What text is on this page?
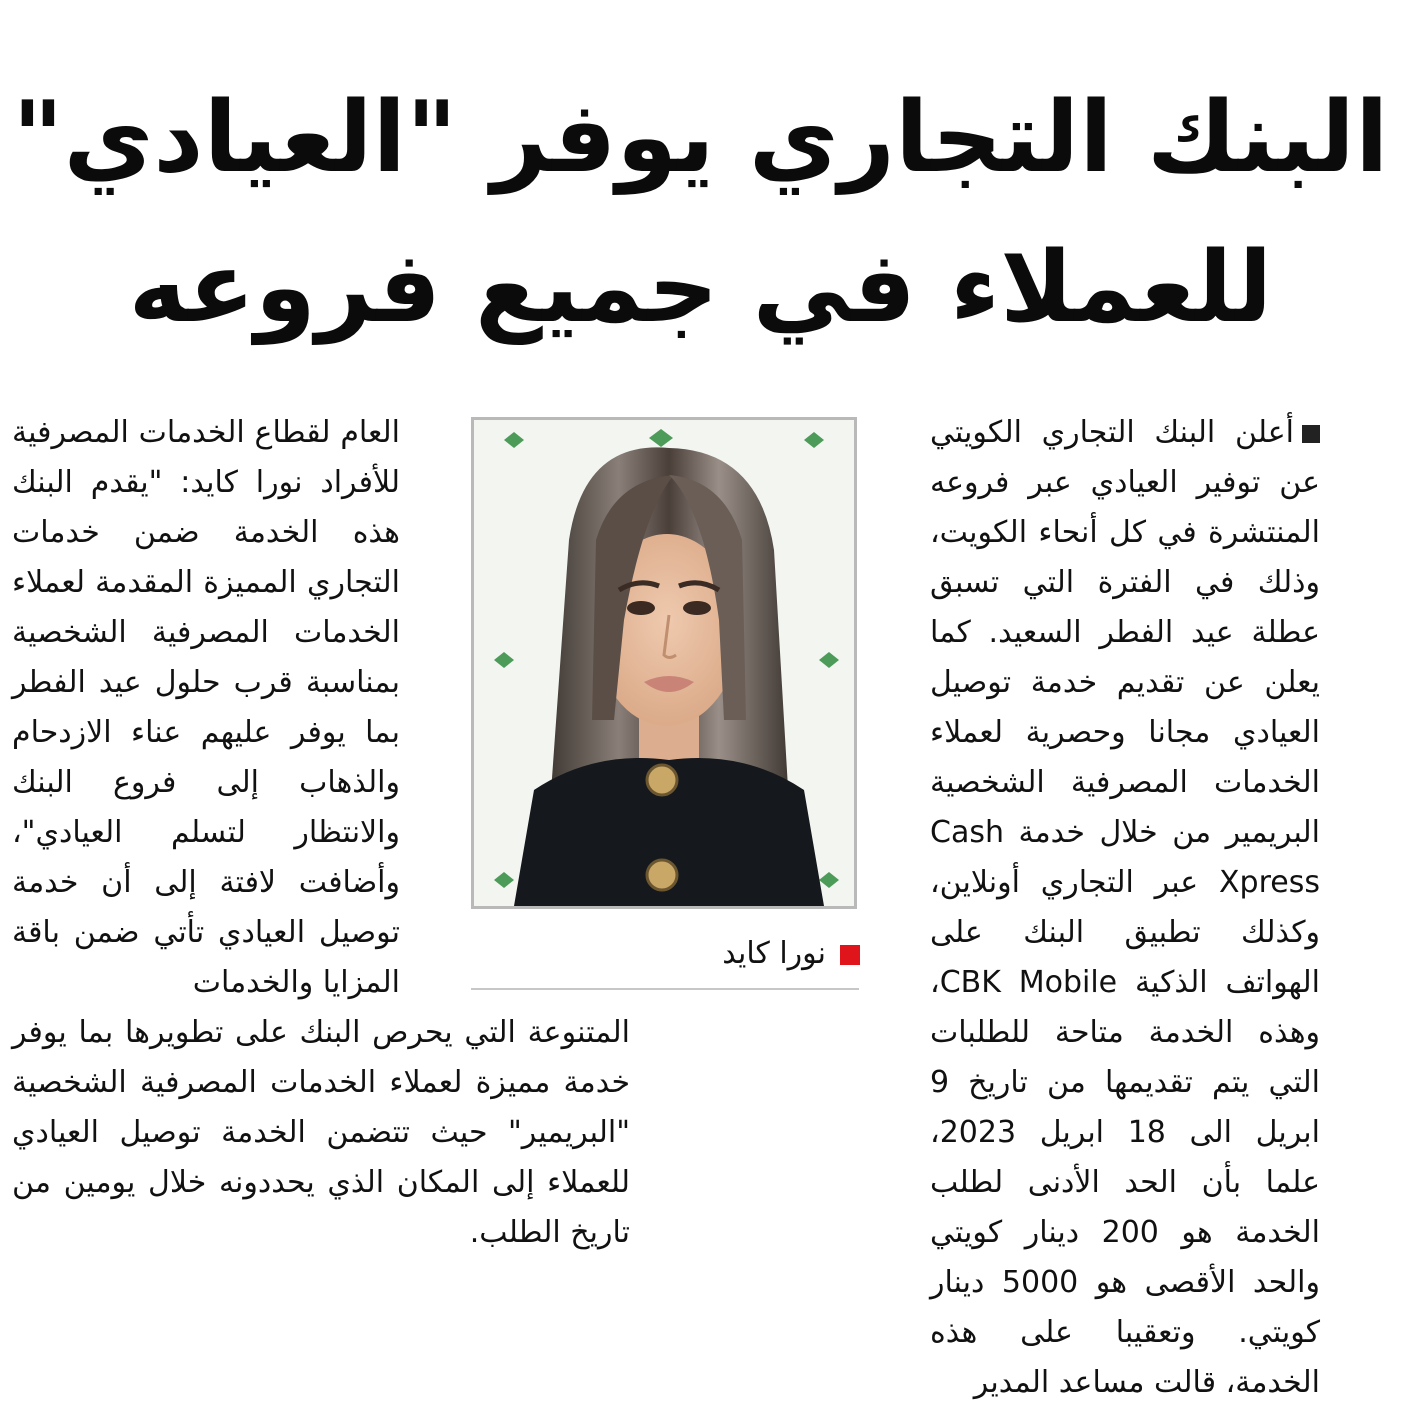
البنك التجاري يوفر "العيادي"
للعملاء في جميع فروعه

أعلن البنك التجاري الكويتي عن توفير العيادي عبر فروعه المنتشرة في كل أنحاء الكويت، وذلك في الفترة التي تسبق عطلة عيد الفطر السعيد. كما يعلن عن تقديم خدمة توصيل العيادي مجانا وحصرية لعملاء الخدمات المصرفية الشخصية البريمير من خلال خدمة Cash Xpress عبر التجاري أونلاين، وكذلك تطبيق البنك على الهواتف الذكية CBK Mobile، وهذه الخدمة متاحة للطلبات التي يتم تقديمها من تاريخ 9 ابريل الى 18 ابريل 2023، علما بأن الحد الأدنى لطلب الخدمة هو 200 دينار كويتي والحد الأقصى هو 5000 دينار كويتي. وتعقيبا على هذه الخدمة، قالت مساعد المدير

نورا كايد

العام لقطاع الخدمات المصرفية للأفراد نورا كايد: "يقدم البنك هذه الخدمة ضمن خدمات التجاري المميزة المقدمة لعملاء الخدمات المصرفية الشخصية بمناسبة قرب حلول عيد الفطر بما يوفر عليهم عناء الازدحام والذهاب إلى فروع البنك والانتظار لتسلم العيادي"، وأضافت لافتة إلى أن خدمة توصيل العيادي تأتي ضمن باقة المزايا والخدمات

المتنوعة التي يحرص البنك على تطويرها بما يوفر خدمة مميزة لعملاء الخدمات المصرفية الشخصية "البريمير" حيث تتضمن الخدمة توصيل العيادي للعملاء إلى المكان الذي يحددونه خلال يومين من تاريخ الطلب.
